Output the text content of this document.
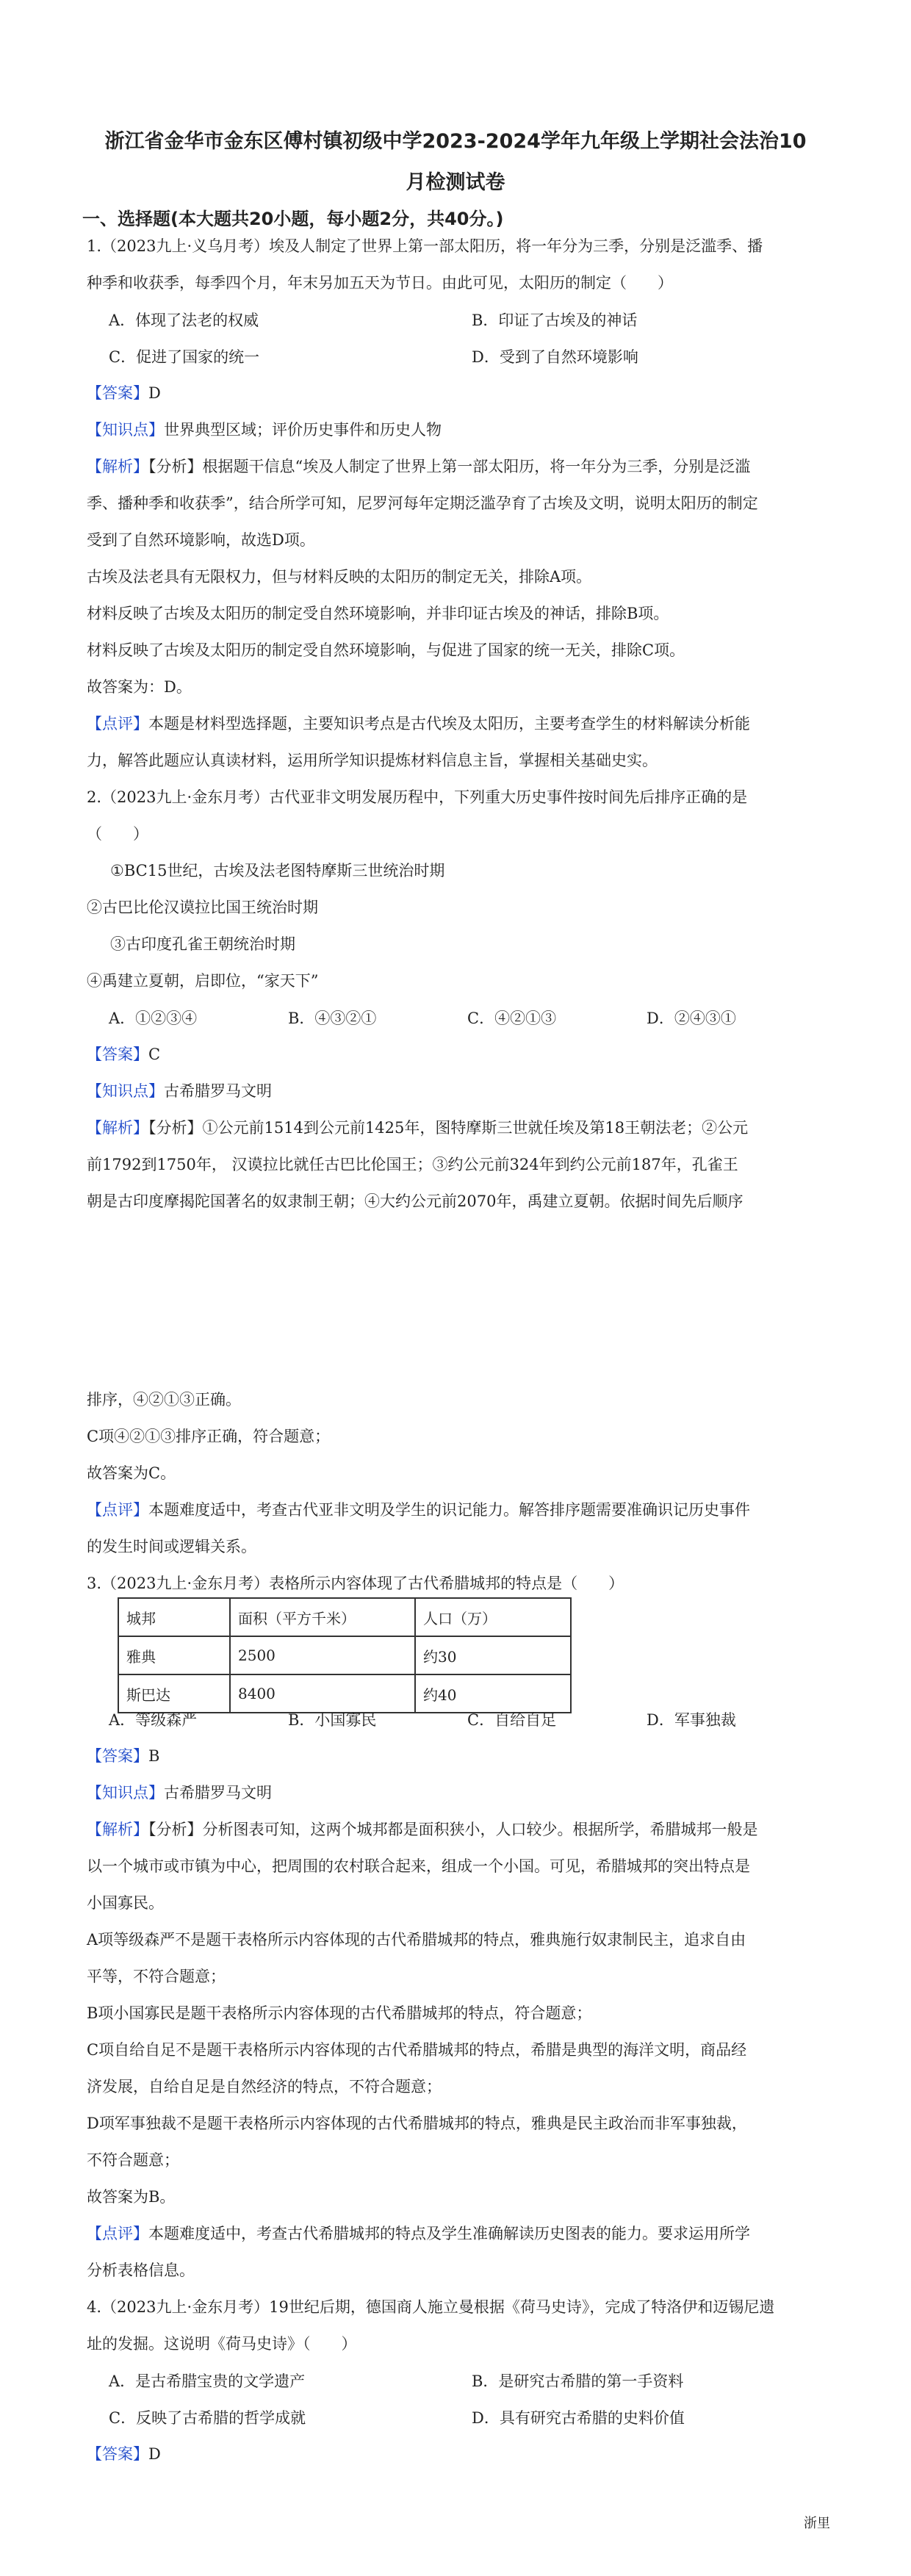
浙江省金华市金东区傅村镇初级中学2023-2024学年九年级上学期社会法治10
月检测试卷
一、选择题(本大题共20小题，每小题2分，共40分。)
1.（2023九上·义乌月考）埃及人制定了世界上第一部太阳历，将一年分为三季，分别是泛滥季、播
种季和收获季，每季四个月，年末另加五天为节日。由此可见，太阳历的制定（　　）
A．体现了法老的权威	B．印证了古埃及的神话
C．促进了国家的统一	D．受到了自然环境影响
【答案】D
【知识点】世界典型区域；评价历史事件和历史人物
【解析】【分析】根据题干信息“埃及人制定了世界上第一部太阳历，将一年分为三季，分别是泛滥
季、播种季和收获季”，结合所学可知，尼罗河每年定期泛滥孕育了古埃及文明，说明太阳历的制定
受到了自然环境影响，故选D项。
古埃及法老具有无限权力，但与材料反映的太阳历的制定无关，排除A项。
材料反映了古埃及太阳历的制定受自然环境影响，并非印证古埃及的神话，排除B项。
材料反映了古埃及太阳历的制定受自然环境影响，与促进了国家的统一无关，排除C项。
故答案为：D。
【点评】本题是材料型选择题，主要知识考点是古代埃及太阳历，主要考查学生的材料解读分析能
力，解答此题应认真读材料，运用所学知识提炼材料信息主旨，掌握相关基础史实。
2.（2023九上·金东月考）古代亚非文明发展历程中，下列重大历史事件按时间先后排序正确的是
（　　）
①BC15世纪，古埃及法老图特摩斯三世统治时期
②古巴比伦汉谟拉比国王统治时期
③古印度孔雀王朝统治时期
④禹建立夏朝，启即位，“家天下”
A．①②③④	B．④③②①	C．④②①③	D．②④③①
【答案】C
【知识点】古希腊罗马文明
【解析】【分析】①公元前1514到公元前1425年，图特摩斯三世就任埃及第18王朝法老；②公元
前1792到1750年， 汉谟拉比就任古巴比伦国王；③约公元前324年到约公元前187年，孔雀王
朝是古印度摩揭陀国著名的奴隶制王朝；④大约公元前2070年，禹建立夏朝。依据时间先后顺序
排序，④②①③正确。
C项④②①③排序正确，符合题意；
故答案为C。
【点评】本题难度适中，考查古代亚非文明及学生的识记能力。解答排序题需要准确识记历史事件
的发生时间或逻辑关系。
3.（2023九上·金东月考）表格所示内容体现了古代希腊城邦的特点是（　　）
城邦	面积（平方千米）	人口（万）
雅典	2500	约30
斯巴达	8400	约40
A．等级森严	B．小国寡民	C．自给自足	D．军事独裁
【答案】B
【知识点】古希腊罗马文明
【解析】【分析】分析图表可知，这两个城邦都是面积狭小，人口较少。根据所学，希腊城邦一般是
以一个城市或市镇为中心，把周围的农村联合起来，组成一个小国。可见，希腊城邦的突出特点是
小国寡民。
A项等级森严不是题干表格所示内容体现的古代希腊城邦的特点，雅典施行奴隶制民主，追求自由
平等，不符合题意；
B项小国寡民是题干表格所示内容体现的古代希腊城邦的特点，符合题意；
C项自给自足不是题干表格所示内容体现的古代希腊城邦的特点，希腊是典型的海洋文明，商品经
济发展，自给自足是自然经济的特点，不符合题意；
D项军事独裁不是题干表格所示内容体现的古代希腊城邦的特点，雅典是民主政治而非军事独裁，
不符合题意；
故答案为B。
【点评】本题难度适中，考查古代希腊城邦的特点及学生准确解读历史图表的能力。要求运用所学
分析表格信息。
4.（2023九上·金东月考）19世纪后期，德国商人施立曼根据《荷马史诗》，完成了特洛伊和迈锡尼遗
址的发掘。这说明《荷马史诗》（　　）
A．是古希腊宝贵的文学遗产	B．是研究古希腊的第一手资料
C．反映了古希腊的哲学成就	D．具有研究古希腊的史料价值
【答案】D
浙里
